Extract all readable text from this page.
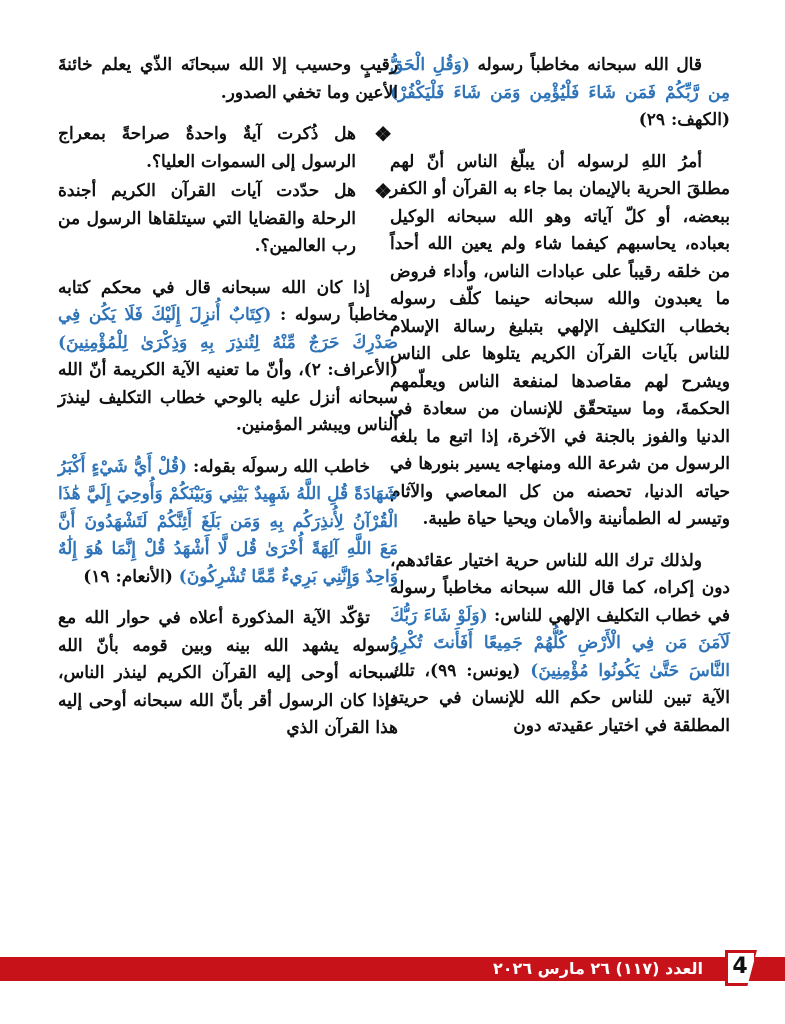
قال الله سبحانه مخاطباً رسوله (وَقُلِ الْحَقُّ مِن رَّبِّكُمْ فَمَن شَاءَ فَلْيُؤْمِن وَمَن شَاءَ فَلْيَكْفُرْ) (الكهف: ٢٩)

أمرُ اللهِ لرسوله أن يبلّغ الناس أنّ لهم مطلقَ الحرية بالإيمان بما جاء به القرآن أو الكفر ببعضه، أو كلّ آياته وهو الله سبحانه الوكيل بعباده، يحاسبهم كيفما شاء ولم يعين الله أحداً من خلقه رقيباً على عبادات الناس، وأداء فروض ما يعبدون والله سبحانه حينما كلّف رسوله بخطاب التكليف الإلهي بتبليغ رسالة الإسلام للناس بآيات القرآن الكريم يتلوها على الناس ويشرح لهم مقاصدها لمنفعة الناس ويعلّمهم الحكمةَ، وما سيتحقّق للإنسان من سعادة في الدنيا والفوز بالجنة في الآخرة، إذا اتبع ما بلغه الرسول من شرعة الله ومنهاجه يسير بنورها في حياته الدنيا، تحصنه من كل المعاصي والآثام وتيسر له الطمأنينة والأمان ويحيا حياة طيبة.

ولذلك ترك الله للناس حرية اختيار عقائدهم، دون إكراه، كما قال الله سبحانه مخاطباً رسوله في خطاب التكليف الإلهي للناس: (وَلَوْ شَاءَ رَبُّكَ لَآمَنَ مَن فِي الْأَرْضِ كُلُّهُمْ جَمِيعًا أَفَأَنتَ تُكْرِهُ النَّاسَ حَتَّىٰ يَكُونُوا مُؤْمِنِينَ) (يونس: ٩٩)، تلك الآية تبين للناس حكم الله للإنسان في حريته المطلقة في اختيار عقيدته دون

رقيبٍ وحسيب إلا الله سبحانَه الذّي يعلم خائنةَ الأعين وما تخفي الصدور.

❖
هل ذُكرت آيةٌ واحدةٌ صراحةً بمعراج الرسول إلى السموات العليا؟.
❖
هل حدّدت آيات القرآن الكريم أجندة الرحلة والقضايا التي سيتلقاها الرسول من رب العالمين؟.

إذا كان الله سبحانه قال في محكم كتابه مخاطباً رسوله : (كِتَابٌ أُنزِلَ إِلَيْكَ فَلَا يَكُن فِي صَدْرِكَ حَرَجٌ مِّنْهُ لِتُنذِرَ بِهِ وَذِكْرَىٰ لِلْمُؤْمِنِينَ) (الأعراف: ٢)، وأنّ ما تعنيه الآية الكريمة أنّ الله سبحانه أنزل عليه بالوحي خطاب التكليف لينذرَ الناس ويبشر المؤمنين.

خاطب الله رسولَه بقوله: (قُلْ أَيُّ شَيْءٍ أَكْبَرُ شَهَادَةً قُلِ اللَّهُ شَهِيدٌ بَيْنِي وَبَيْنَكُمْ وَأُوحِيَ إِلَيَّ هَٰذَا الْقُرْآنُ لِأُنذِرَكُم بِهِ وَمَن بَلَغَ أَئِنَّكُمْ لَتَشْهَدُونَ أَنَّ مَعَ اللَّهِ آلِهَةً أُخْرَىٰ قُل لَّا أَشْهَدُ قُلْ إِنَّمَا هُوَ إِلَٰهٌ وَاحِدٌ وَإِنَّنِي بَرِيءٌ مِّمَّا تُشْرِكُونَ) (الأنعام: ١٩)

تؤكّد الآية المذكورة أعلاه في حوار الله مع رسوله يشهد الله بينه وبين قومه بأنّ الله سبحانه أوحى إليه القرآن الكريم لينذر الناس، فإذا كان الرسول أقر بأنّ الله سبحانه أوحى إليه هذا القرآن الذي

4
العدد (١١٧) ٢٦ مارس ٢٠٢٦
